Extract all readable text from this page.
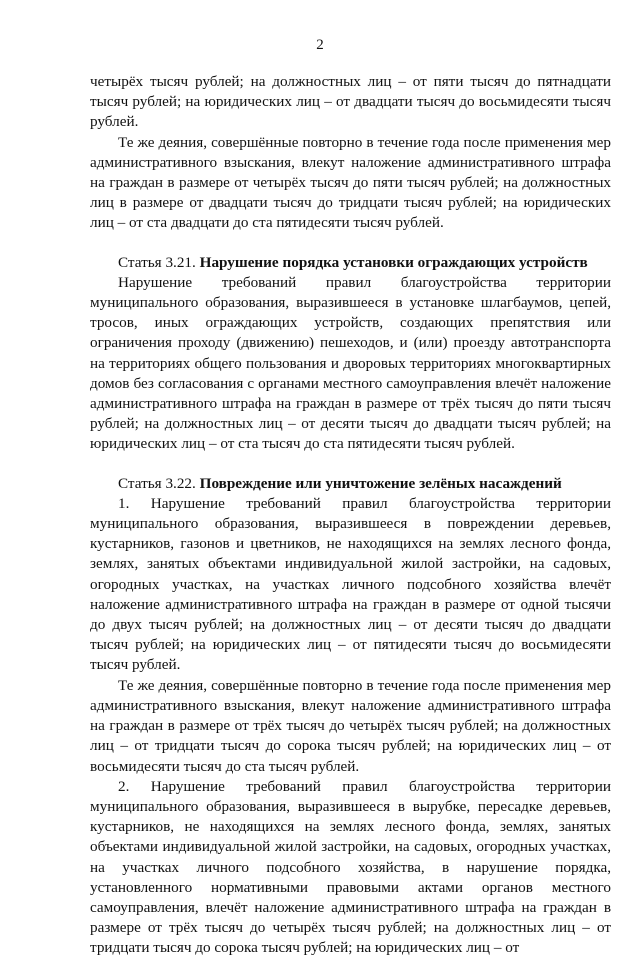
2

четырёх тысяч рублей; на должностных лиц – от пяти тысяч до пятнадцати тысяч рублей; на юридических лиц – от двадцати тысяч до восьмидесяти тысяч рублей.

Те же деяния, совершённые повторно в течение года после применения мер административного взыскания, влекут наложение административного штрафа на граждан в размере от четырёх тысяч до пяти тысяч рублей; на должностных лиц в размере от двадцати тысяч до тридцати тысяч рублей; на юридических лиц – от ста двадцати до ста пятидесяти тысяч рублей.

Статья 3.21. Нарушение порядка установки ограждающих устройств

Нарушение требований правил благоустройства территории муниципального образования, выразившееся в установке шлагбаумов, цепей, тросов, иных ограждающих устройств, создающих препятствия или ограничения проходу (движению) пешеходов, и (или) проезду автотранспорта на территориях общего пользования и дворовых территориях многоквартирных домов без согласования с органами местного самоуправления влечёт наложение административного штрафа на граждан в размере от трёх тысяч до пяти тысяч рублей; на должностных лиц – от десяти тысяч до двадцати тысяч рублей; на юридических лиц – от ста тысяч до ста пятидесяти тысяч рублей.

Статья 3.22. Повреждение или уничтожение зелёных насаждений

1. Нарушение требований правил благоустройства территории муниципального образования, выразившееся в повреждении деревьев, кустарников, газонов и цветников, не находящихся на землях лесного фонда, землях, занятых объектами индивидуальной жилой застройки, на садовых, огородных участках, на участках личного подсобного хозяйства влечёт наложение административного штрафа на граждан в размере от одной тысячи до двух тысяч рублей; на должностных лиц – от десяти тысяч до двадцати тысяч рублей; на юридических лиц – от пятидесяти тысяч до восьмидесяти тысяч рублей.

Те же деяния, совершённые повторно в течение года после применения мер административного взыскания, влекут наложение административного штрафа на граждан в размере от трёх тысяч до четырёх тысяч рублей; на должностных лиц – от тридцати тысяч до сорока тысяч рублей; на юридических лиц – от восьмидесяти тысяч до ста тысяч рублей.

2. Нарушение требований правил благоустройства территории муниципального образования, выразившееся в вырубке, пересадке деревьев, кустарников, не находящихся на землях лесного фонда, землях, занятых объектами индивидуальной жилой застройки, на садовых, огородных участках, на участках личного подсобного хозяйства, в нарушение порядка, установленного нормативными правовыми актами органов местного самоуправления, влечёт наложение административного штрафа на граждан в размере от трёх тысяч до четырёх тысяч рублей; на должностных лиц – от тридцати тысяч до сорока тысяч рублей; на юридических лиц – от
